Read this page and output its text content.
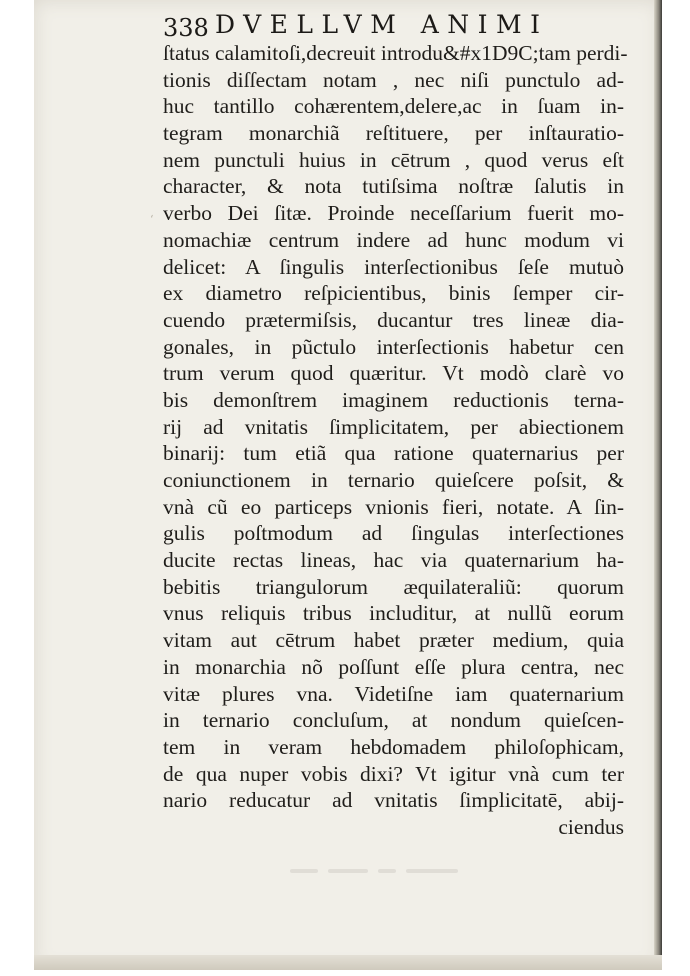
338 DVELLVM ANIMI
‘
ſtatus calamitoſi,decreuit introdu&#x1D9C;tam perdi-
tionis diſſectam notam , nec niſi punctulo ad-
huc tantillo cohærentem,delere,ac in ſuam in-
tegram monarchiã reſtituere, per inſtauratio-
nem punctuli huius in cētrum , quod verus eſt
character, & nota tutiſsima noſtræ ſalutis in
verbo Dei ſitæ. Proinde neceſſarium fuerit mo-
nomachiæ centrum indere ad hunc modum vi
delicet: A ſingulis interſectionibus ſeſe mutuò
ex diametro reſpicientibus, binis ſemper cir-
cuendo prætermiſsis, ducantur tres lineæ dia-
gonales, in pũctulo interſectionis habetur cen
trum verum quod quæritur. Vt modò clarè vo
bis demonſtrem imaginem reductionis terna-
rij ad vnitatis ſimplicitatem, per abiectionem
binarij: tum etiã qua ratione quaternarius per
coniunctionem in ternario quieſcere poſsit, &
vnà cũ eo particeps vnionis fieri, notate. A ſin-
gulis poſtmodum ad ſingulas interſectiones
ducite rectas lineas, hac via quaternarium ha-
bebitis triangulorum æquilateraliũ: quorum
vnus reliquis tribus includitur, at nullũ eorum
vitam aut cētrum habet præter medium, quia
in monarchia nõ poſſunt eſſe plura centra, nec
vitæ plures vna. Videtiſne iam quaternarium
in ternario concluſum, at nondum quieſcen-
tem in veram hebdomadem philoſophicam,
de qua nuper vobis dixi? Vt igitur vnà cum ter
nario reducatur ad vnitatis ſimplicitatē, abij-
ciendus
